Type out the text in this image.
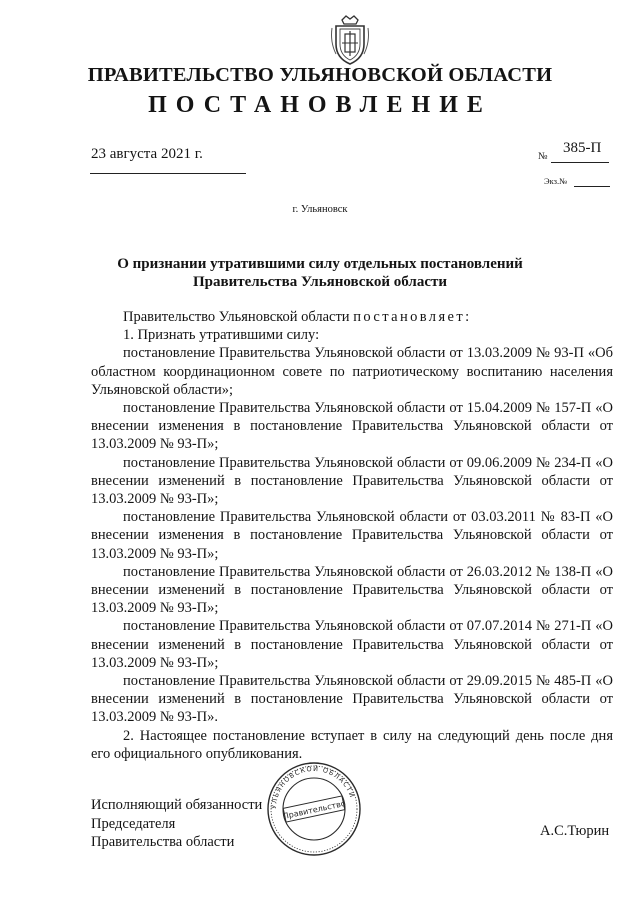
ПРАВИТЕЛЬСТВО УЛЬЯНОВСКОЙ ОБЛАСТИ
ПОСТАНОВЛЕНИЕ
23 августа 2021 г.	№
385-П
Экз.№
г. Ульяновск
О признании утратившими силу отдельных постановлений
Правительства Ульяновской области

Правительство Ульяновской области постановляет:

1. Признать утратившими силу:

постановление Правительства Ульяновской области от 13.03.2009 № 93-П «Об областном координационном совете по патриотическому воспитанию населения Ульяновской области»;

постановление Правительства Ульяновской области от 15.04.2009 № 157-П «О внесении изменения в постановление Правительства Ульяновской области от 13.03.2009 № 93-П»;

постановление Правительства Ульяновской области от 09.06.2009 № 234-П «О внесении изменений в постановление Правительства Ульяновской области от 13.03.2009 № 93-П»;

постановление Правительства Ульяновской области от 03.03.2011 № 83-П «О внесении изменения в постановление Правительства Ульяновской области от 13.03.2009 № 93-П»;

постановление Правительства Ульяновской области от 26.03.2012 № 138-П «О внесении изменений в постановление Правительства Ульяновской области от 13.03.2009 № 93-П»;

постановление Правительства Ульяновской области от 07.07.2014 № 271-П «О внесении изменений в постановление Правительства Ульяновской области от 13.03.2009 № 93-П»;

постановление Правительства Ульяновской области от 29.09.2015 № 485-П «О внесении изменений в постановление Правительства Ульяновской области от 13.03.2009 № 93-П».

2. Настоящее постановление вступает в силу на следующий день после дня его официального опубликования.

Исполняющий обязанности
Председателя
Правительства области
УЛЬЯНОВСКОЙ ОБЛАСТИ
Правительство
А.С.Тюрин
